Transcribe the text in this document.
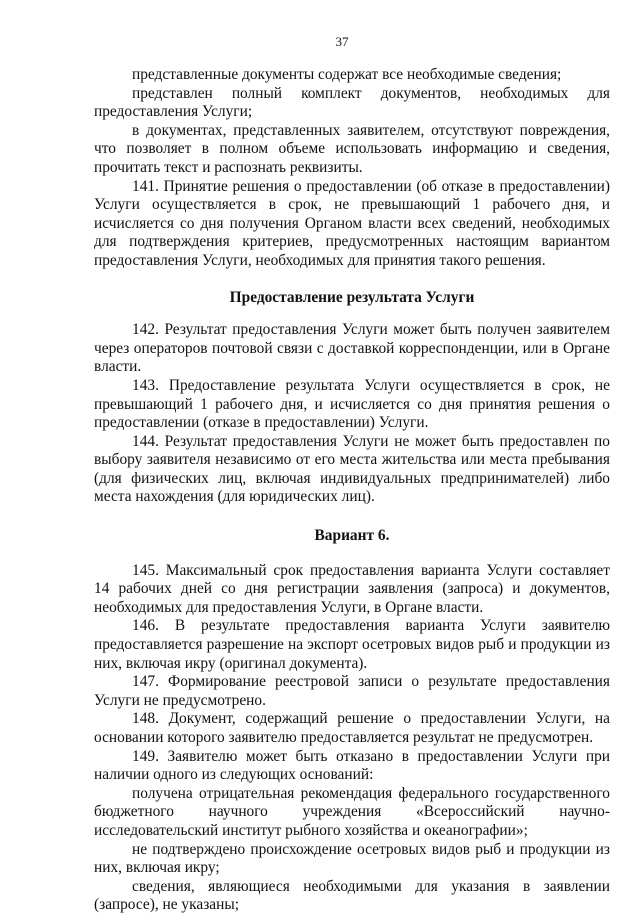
37

представленные документы содержат все необходимые сведения;

представлен полный комплект документов, необходимых для предоставления Услуги;

в документах, представленных заявителем, отсутствуют повреждения, что позволяет в полном объеме использовать информацию и сведения, прочитать текст и распознать реквизиты.

141. Принятие решения о предоставлении (об отказе в предоставлении) Услуги осуществляется в срок, не превышающий 1 рабочего дня, и исчисляется со дня получения Органом власти всех сведений, необходимых для подтверждения критериев, предусмотренных настоящим вариантом предоставления Услуги, необходимых для принятия такого решения.

Предоставление результата Услуги

142. Результат предоставления Услуги может быть получен заявителем через операторов почтовой связи с доставкой корреспонденции, или в Органе власти.

143. Предоставление результата Услуги осуществляется в срок, не превышающий 1 рабочего дня, и исчисляется со дня принятия решения о предоставлении (отказе в предоставлении) Услуги.

144. Результат предоставления Услуги не может быть предоставлен по выбору заявителя независимо от его места жительства или места пребывания (для физических лиц, включая индивидуальных предпринимателей) либо места нахождения (для юридических лиц).

Вариант 6.

145. Максимальный срок предоставления варианта Услуги составляет 14 рабочих дней со дня регистрации заявления (запроса) и документов, необходимых для предоставления Услуги, в Органе власти.

146. В результате предоставления варианта Услуги заявителю предоставляется разрешение на экспорт осетровых видов рыб и продукции из них, включая икру (оригинал документа).

147. Формирование реестровой записи о результате предоставления Услуги не предусмотрено.

148. Документ, содержащий решение о предоставлении Услуги, на основании которого заявителю предоставляется результат не предусмотрен.

149. Заявителю может быть отказано в предоставлении Услуги при наличии одного из следующих оснований:

получена отрицательная рекомендация федерального государственного бюджетного научного учреждения «Всероссийский научно-исследовательский институт рыбного хозяйства и океанографии»;

не подтверждено происхождение осетровых видов рыб и продукции из них, включая икру;

сведения, являющиеся необходимыми для указания в заявлении (запросе), не указаны;
